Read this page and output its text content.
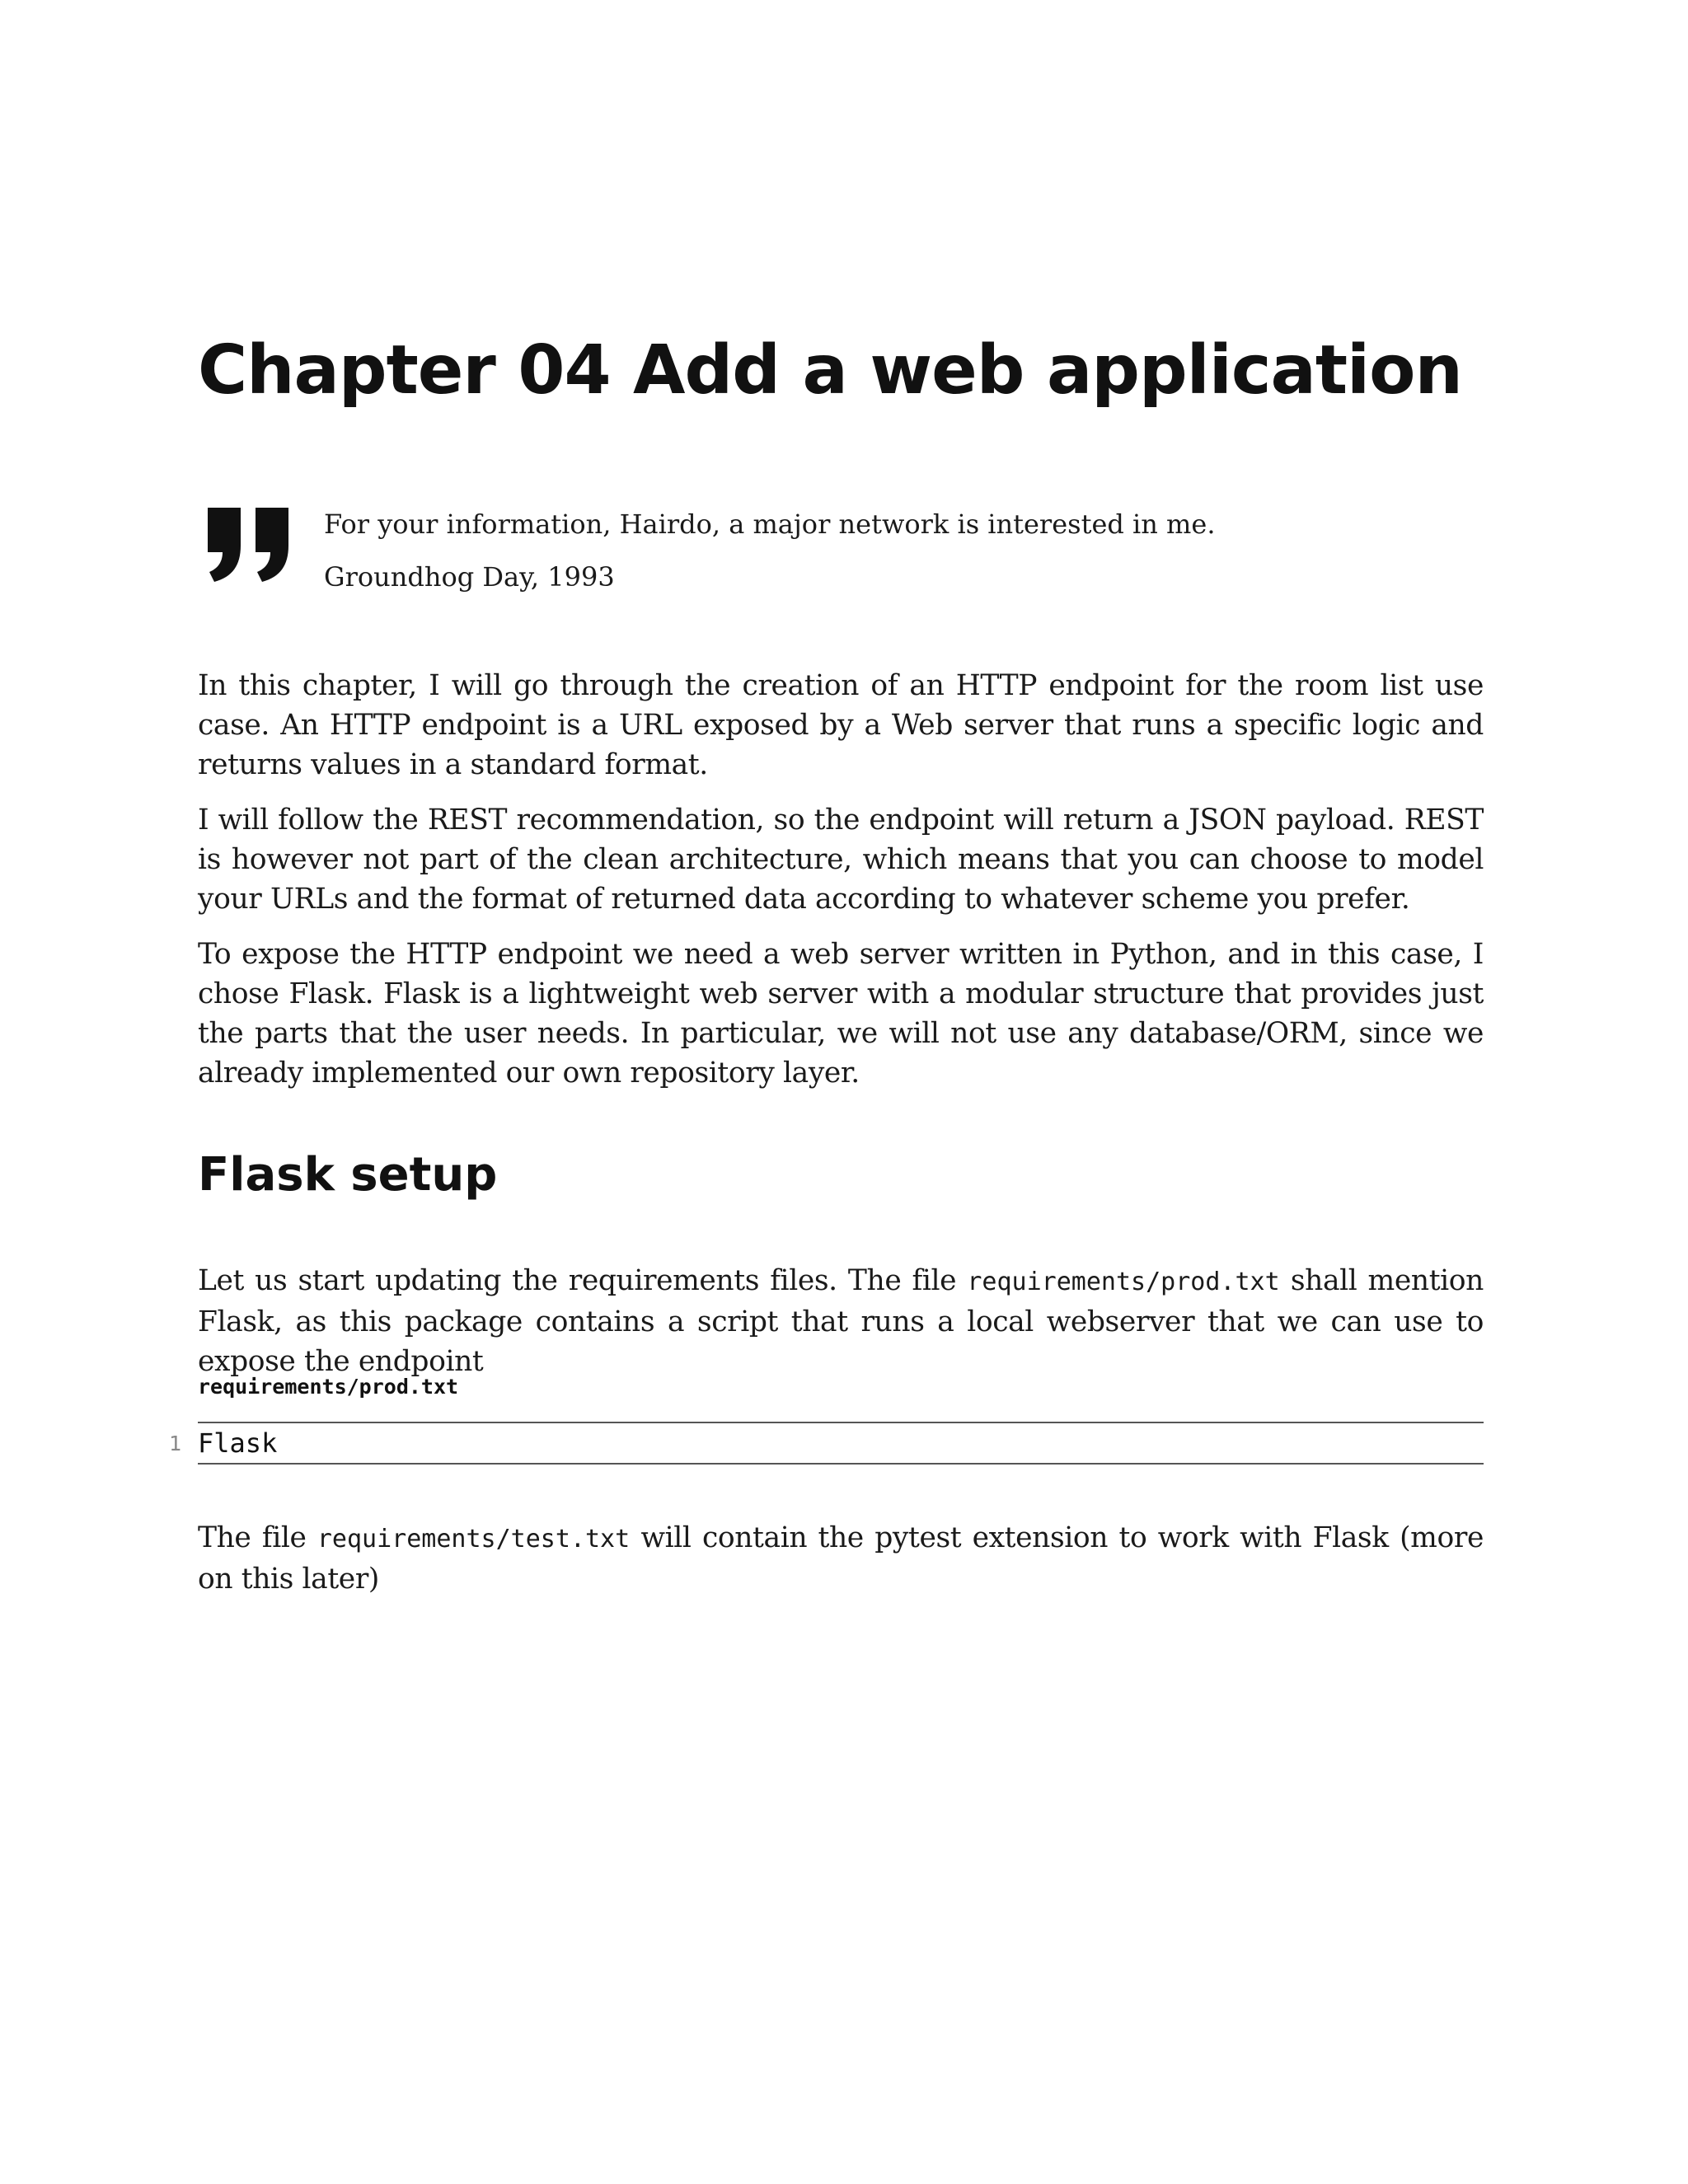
Chapter 04 Add a web application

For your information, Hairdo, a major network is interested in me.

Groundhog Day, 1993

In this chapter, I will go through the creation of an HTTP endpoint for the room list use case. An HTTP endpoint is a URL exposed by a Web server that runs a specific logic and returns values in a standard format.

I will follow the REST recommendation, so the endpoint will return a JSON payload. REST is however not part of the clean architecture, which means that you can choose to model your URLs and the format of returned data according to whatever scheme you prefer.

To expose the HTTP endpoint we need a web server written in Python, and in this case, I chose Flask. Flask is a lightweight web server with a modular structure that provides just the parts that the user needs. In particular, we will not use any database/ORM, since we already implemented our own repository layer.

Flask setup

Let us start updating the requirements files. The file requirements/prod.txt shall mention Flask, as this package contains a script that runs a local webserver that we can use to expose the endpoint

requirements/prod.txt

1 Flask

The file requirements/test.txt will contain the pytest extension to work with Flask (more on this later)
